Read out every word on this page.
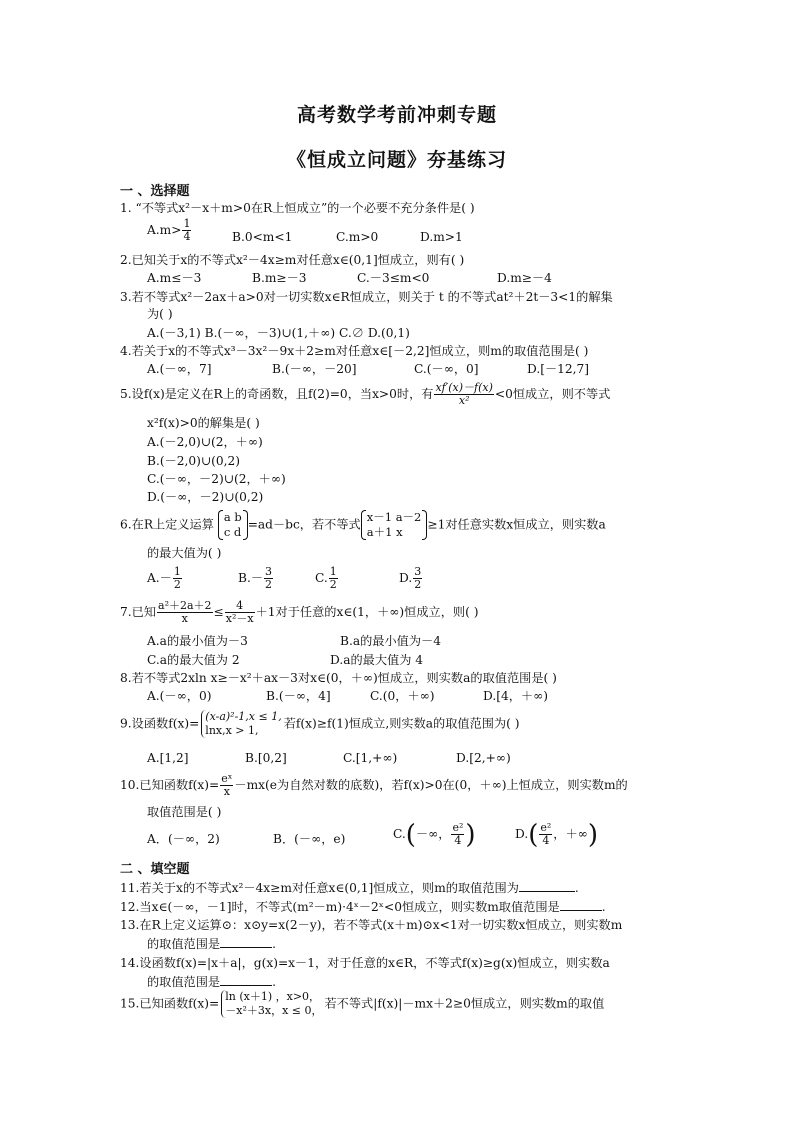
高考数学考前冲刺专题
《恒成立问题》夯基练习
一 、选择题
1. “不等式x²－x＋m>0在R上恒成立”的一个必要不充分条件是( )
$A.m> \frac{1}{4}$	B.0<m<1	C.m>0	D.m>1
2.已知关于x的不等式x²－4x≥m对任意x∈(0,1]恒成立，则有( )
A.m≤－3	B.m≥－3	C.－3≤m<0	D.m≥－4
3.若不等式x²－2ax＋a>0对一切实数x∈R恒成立，则关于 t 的不等式at²＋2t－3<1的解集
为( )
A.(－3,1) B.(－∞，－3)∪(1,＋∞) C.∅ D.(0,1)
4.若关于x的不等式x³－3x²－9x＋2≥m对任意x∈[－2,2]恒成立，则m的取值范围是( )
A.(－∞，7]	B.(－∞，－20]	C.(－∞，0]	D.[－12,7]
5.设f(x)是定义在R上的奇函数，且f(2)=0，当x>0时，有 $\frac{xf'(x)-f(x)}{\text{x²}} <0$恒成立，则不等式
x²f(x)>0的解集是( )
A.(－2,0)∪(2，＋∞)
B.(－2,0)∪(0,2)
C.(－∞，－2)∪(2，＋∞)
D.(－∞，－2)∪(0,2)
6.在R上定义运算
a b
c d
=ad－bc，若不等式
x－1 a－2
a＋1 x
≥1对任意实数x恒成立，则实数a
的最大值为( )
$A.- \frac{1}{2}$	$B.- \frac{3}{2}$	C. $\frac{1}{2}$	D. $\frac{3}{2}$
7.已知 $\frac{\text{a²＋2a＋2}}{x} \le \frac{4}{\text{x²－x}} +1$对于任意的x∈(1，＋∞)恒成立，则( )
A.a的最小值为－3	B.a的最小值为－4
C.a的最大值为 2	D.a的最大值为 4
8.若不等式2xln x≥－x²＋ax－3对x∈(0，＋∞)恒成立，则实数a的取值范围是( )
A.(－∞，0)	B.(－∞，4]	C.(0，＋∞)	D.[4，＋∞)
9.设函数f(x)= (x-a)²-1,x ≤ 1,
lnx,x > 1,	若f(x)≥f(1)恒成立,则实数a的取值范围为( )
A.[1,2]	B.[0,2]	C.[1,+∞)	D.[2,+∞)
10.已知函数$f(x)= \frac{\text{eˣ}}{x} -mx(e$为自然对数的底数)，若f(x)>0在(0，＋∞)上恒成立，则实数m的
取值范围是( )
A．(－∞，2)	B．(－∞，e)	C.(－∞， $\frac{\text{e²}}{4}$ )	$D.( \frac{\text{e²}}{4}$ ，＋∞)
二 、填空题
11.若关于x的不等式x²－4x≥m对任意x∈(0,1]恒成立，则m的取值范围为	.
12.当x∈(－∞，－1]时，不等式(m²－m)·4ˣ－2ˣ<0恒成立，则实数m取值范围是	.
13.在R上定义运算⊙：x⊙y=x(2－y)，若不等式(x＋m)⊙x<1对一切实数x恒成立，则实数m
的取值范围是	.
14.设函数f(x)=|x＋a|，g(x)=x－1，对于任意的x∈R，不等式f(x)≥g(x)恒成立，则实数a
的取值范围是	.
15.已知函数f(x)= ln (x＋1) ，x>0，
－x²＋3x，x ≤ 0， 若不等式|f(x)|－mx＋2≥0恒成立，则实数m的取值
